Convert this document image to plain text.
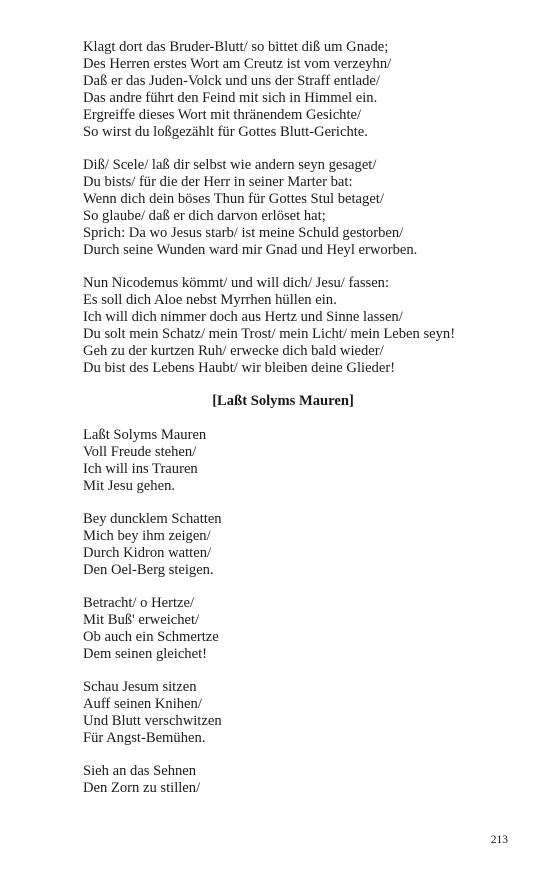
Klagt dort das Bruder-Blutt/ so bittet diß um Gnade;
Des Herren erstes Wort am Creutz ist vom verzeyhn/
Daß er das Juden-Volck und uns der Straff entlade/
Das andre führt den Feind mit sich in Himmel ein.
Ergreiffe dieses Wort mit thränendem Gesichte/
So wirst du loßgezählt für Gottes Blutt-Gerichte.
Diß/ Scele/ laß dir selbst wie andern seyn gesaget/
Du bists/ für die der Herr in seiner Marter bat:
Wenn dich dein böses Thun für Gottes Stul betaget/
So glaube/ daß er dich darvon erlöset hat;
Sprich: Da wo Jesus starb/ ist meine Schuld gestorben/
Durch seine Wunden ward mir Gnad und Heyl erworben.
Nun Nicodemus kömmt/ und will dich/ Jesu/ fassen:
Es soll dich Aloe nebst Myrrhen hüllen ein.
Ich will dich nimmer doch aus Hertz und Sinne lassen/
Du solt mein Schatz/ mein Trost/ mein Licht/ mein Leben seyn!
Geh zu der kurtzen Ruh/ erwecke dich bald wieder/
Du bist des Lebens Haubt/ wir bleiben deine Glieder!
[Laßt Solyms Mauren]
Laßt Solyms Mauren
Voll Freude stehen/
Ich will ins Trauren
Mit Jesu gehen.
Bey duncklem Schatten
Mich bey ihm zeigen/
Durch Kidron watten/
Den Oel-Berg steigen.
Betracht/ o Hertze/
Mit Buß' erweichet/
Ob auch ein Schmertze
Dem seinen gleichet!
Schau Jesum sitzen
Auff seinen Knihen/
Und Blutt verschwitzen
Für Angst-Bemühen.
Sieh an das Sehnen
Den Zorn zu stillen/
213
